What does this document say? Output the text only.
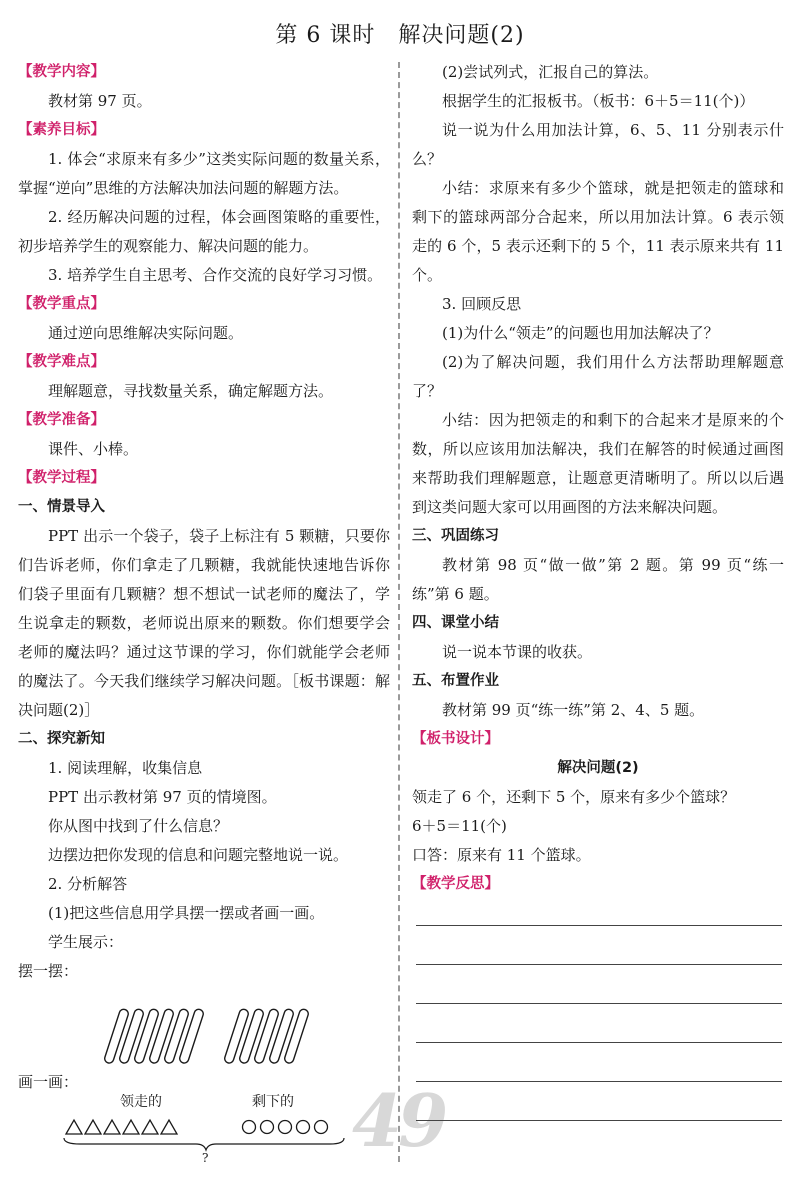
第 6 课时　解决问题(2)

【教学内容】

教材第 97 页。

【素养目标】

1. 体会“求原来有多少”这类实际问题的数量关系，掌握“逆向”思维的方法解决加法问题的解题方法。

2. 经历解决问题的过程，体会画图策略的重要性，初步培养学生的观察能力、解决问题的能力。

3. 培养学生自主思考、合作交流的良好学习习惯。

【教学重点】

通过逆向思维解决实际问题。

【教学难点】

理解题意，寻找数量关系，确定解题方法。

【教学准备】

课件、小棒。

【教学过程】

一、情景导入

PPT 出示一个袋子，袋子上标注有 5 颗糖，只要你们告诉老师，你们拿走了几颗糖，我就能快速地告诉你们袋子里面有几颗糖？想不想试一试老师的魔法了，学生说拿走的颗数，老师说出原来的颗数。你们想要学会老师的魔法吗？通过这节课的学习，你们就能学会老师的魔法了。今天我们继续学习解决问题。［板书课题：解决问题(2)］

二、探究新知

1. 阅读理解，收集信息

PPT 出示教材第 97 页的情境图。

你从图中找到了什么信息？

边摆边把你发现的信息和问题完整地说一说。

2. 分析解答

(1)把这些信息用学具摆一摆或者画一画。

学生展示：

摆一摆：

画一画：

领走的	剩下的
? 49

(2)尝试列式，汇报自己的算法。

根据学生的汇报板书。（板书：6＋5＝11(个)）

说一说为什么用加法计算，6、5、11 分别表示什么？

小结：求原来有多少个篮球，就是把领走的篮球和剩下的篮球两部分合起来，所以用加法计算。6 表示领走的 6 个，5 表示还剩下的 5 个，11 表示原来共有 11 个。

3. 回顾反思

(1)为什么“领走”的问题也用加法解决了？

(2)为了解决问题，我们用什么方法帮助理解题意了？

小结：因为把领走的和剩下的合起来才是原来的个数，所以应该用加法解决，我们在解答的时候通过画图来帮助我们理解题意，让题意更清晰明了。所以以后遇到这类问题大家可以用画图的方法来解决问题。

三、巩固练习

教材第 98 页“做一做”第 2 题。第 99 页“练一练”第 6 题。

四、课堂小结

说一说本节课的收获。

五、布置作业

教材第 99 页“练一练”第 2、4、5 题。

【板书设计】

解决问题(2)

领走了 6 个，还剩下 5 个，原来有多少个篮球？

6＋5＝11(个)

口答：原来有 11 个篮球。

【教学反思】
